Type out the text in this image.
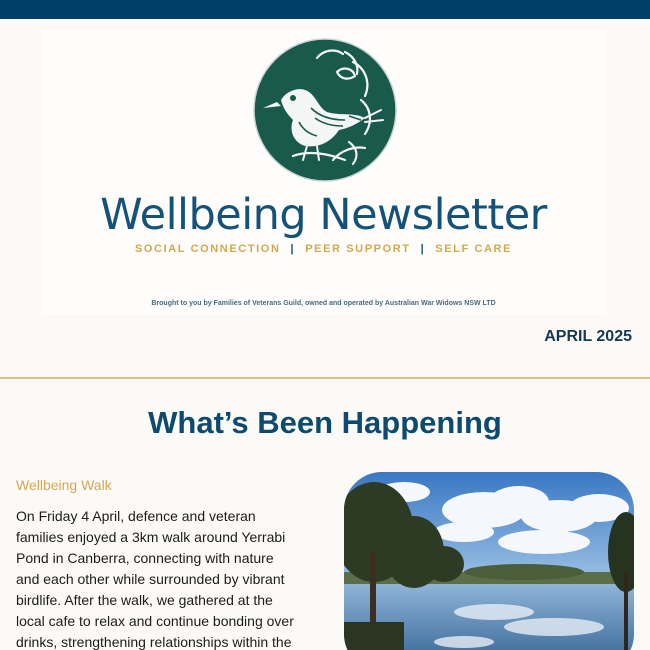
Wellbeing Newsletter
SOCIAL CONNECTION | PEER SUPPORT | SELF CARE
Brought to you by Families of Veterans Guild, owned and operated by Australian War Widows NSW LTD
APRIL 2025
What’s Been Happening
Wellbeing Walk
On Friday 4 April, defence and veteran
families enjoyed a 3km walk around Yerrabi
Pond in Canberra, connecting with nature
and each other while surrounded by vibrant
birdlife. After the walk, we gathered at the
local cafe to relax and continue bonding over
drinks, strengthening relationships within the
